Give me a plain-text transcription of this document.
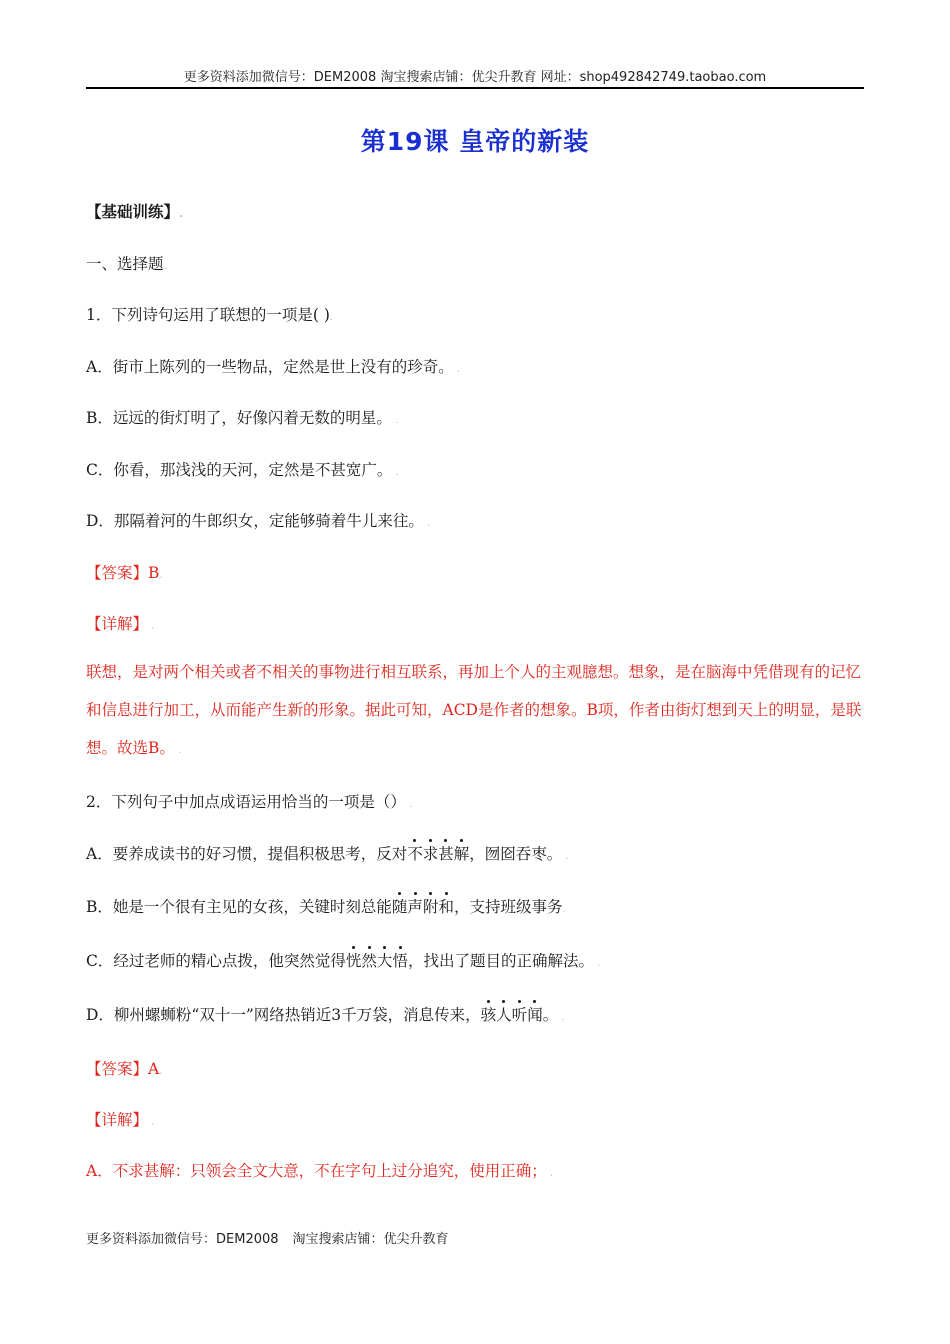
更多资料添加微信号：DEM2008 淘宝搜索店铺：优尖升教育 网址：shop492842749.taobao.com
第19课 皇帝的新装
【基础训练】.
一、选择题.
1．下列诗句运用了联想的一项是( ).
A．街市上陈列的一些物品，定然是世上没有的珍奇。 .
B．远远的街灯明了，好像闪着无数的明星。 .
C．你看，那浅浅的天河，定然是不甚宽广。 .
D．那隔着河的牛郎织女，定能够骑着牛儿来往。 .
【答案】B.
【详解】 .
联想，是对两个相关或者不相关的事物进行相互联系，再加上个人的主观臆想。想象，是在脑海中凭借现有的记忆和信息进行加工，从而能产生新的形象。据此可知，ACD是作者的想象。B项，作者由街灯想到天上的明显，是联想。故选B。 .
2．下列句子中加点成语运用恰当的一项是（） .
A．要养成读书的好习惯，提倡积极思考，反对不求甚解，囫囵吞枣。 .
B．她是一个很有主见的女孩，关键时刻总能随声附和，支持班级事务.
C．经过老师的精心点拨，他突然觉得恍然大悟，找出了题目的正确解法。 .
D．柳州螺蛳粉“双十一”网络热销近3千万袋，消息传来，骇人听闻。 .
【答案】A.
【详解】 .
A．不求甚解：只领会全文大意，不在字句上过分追究，使用正确； .
更多资料添加微信号：DEM2008 淘宝搜索店铺：优尖升教育
